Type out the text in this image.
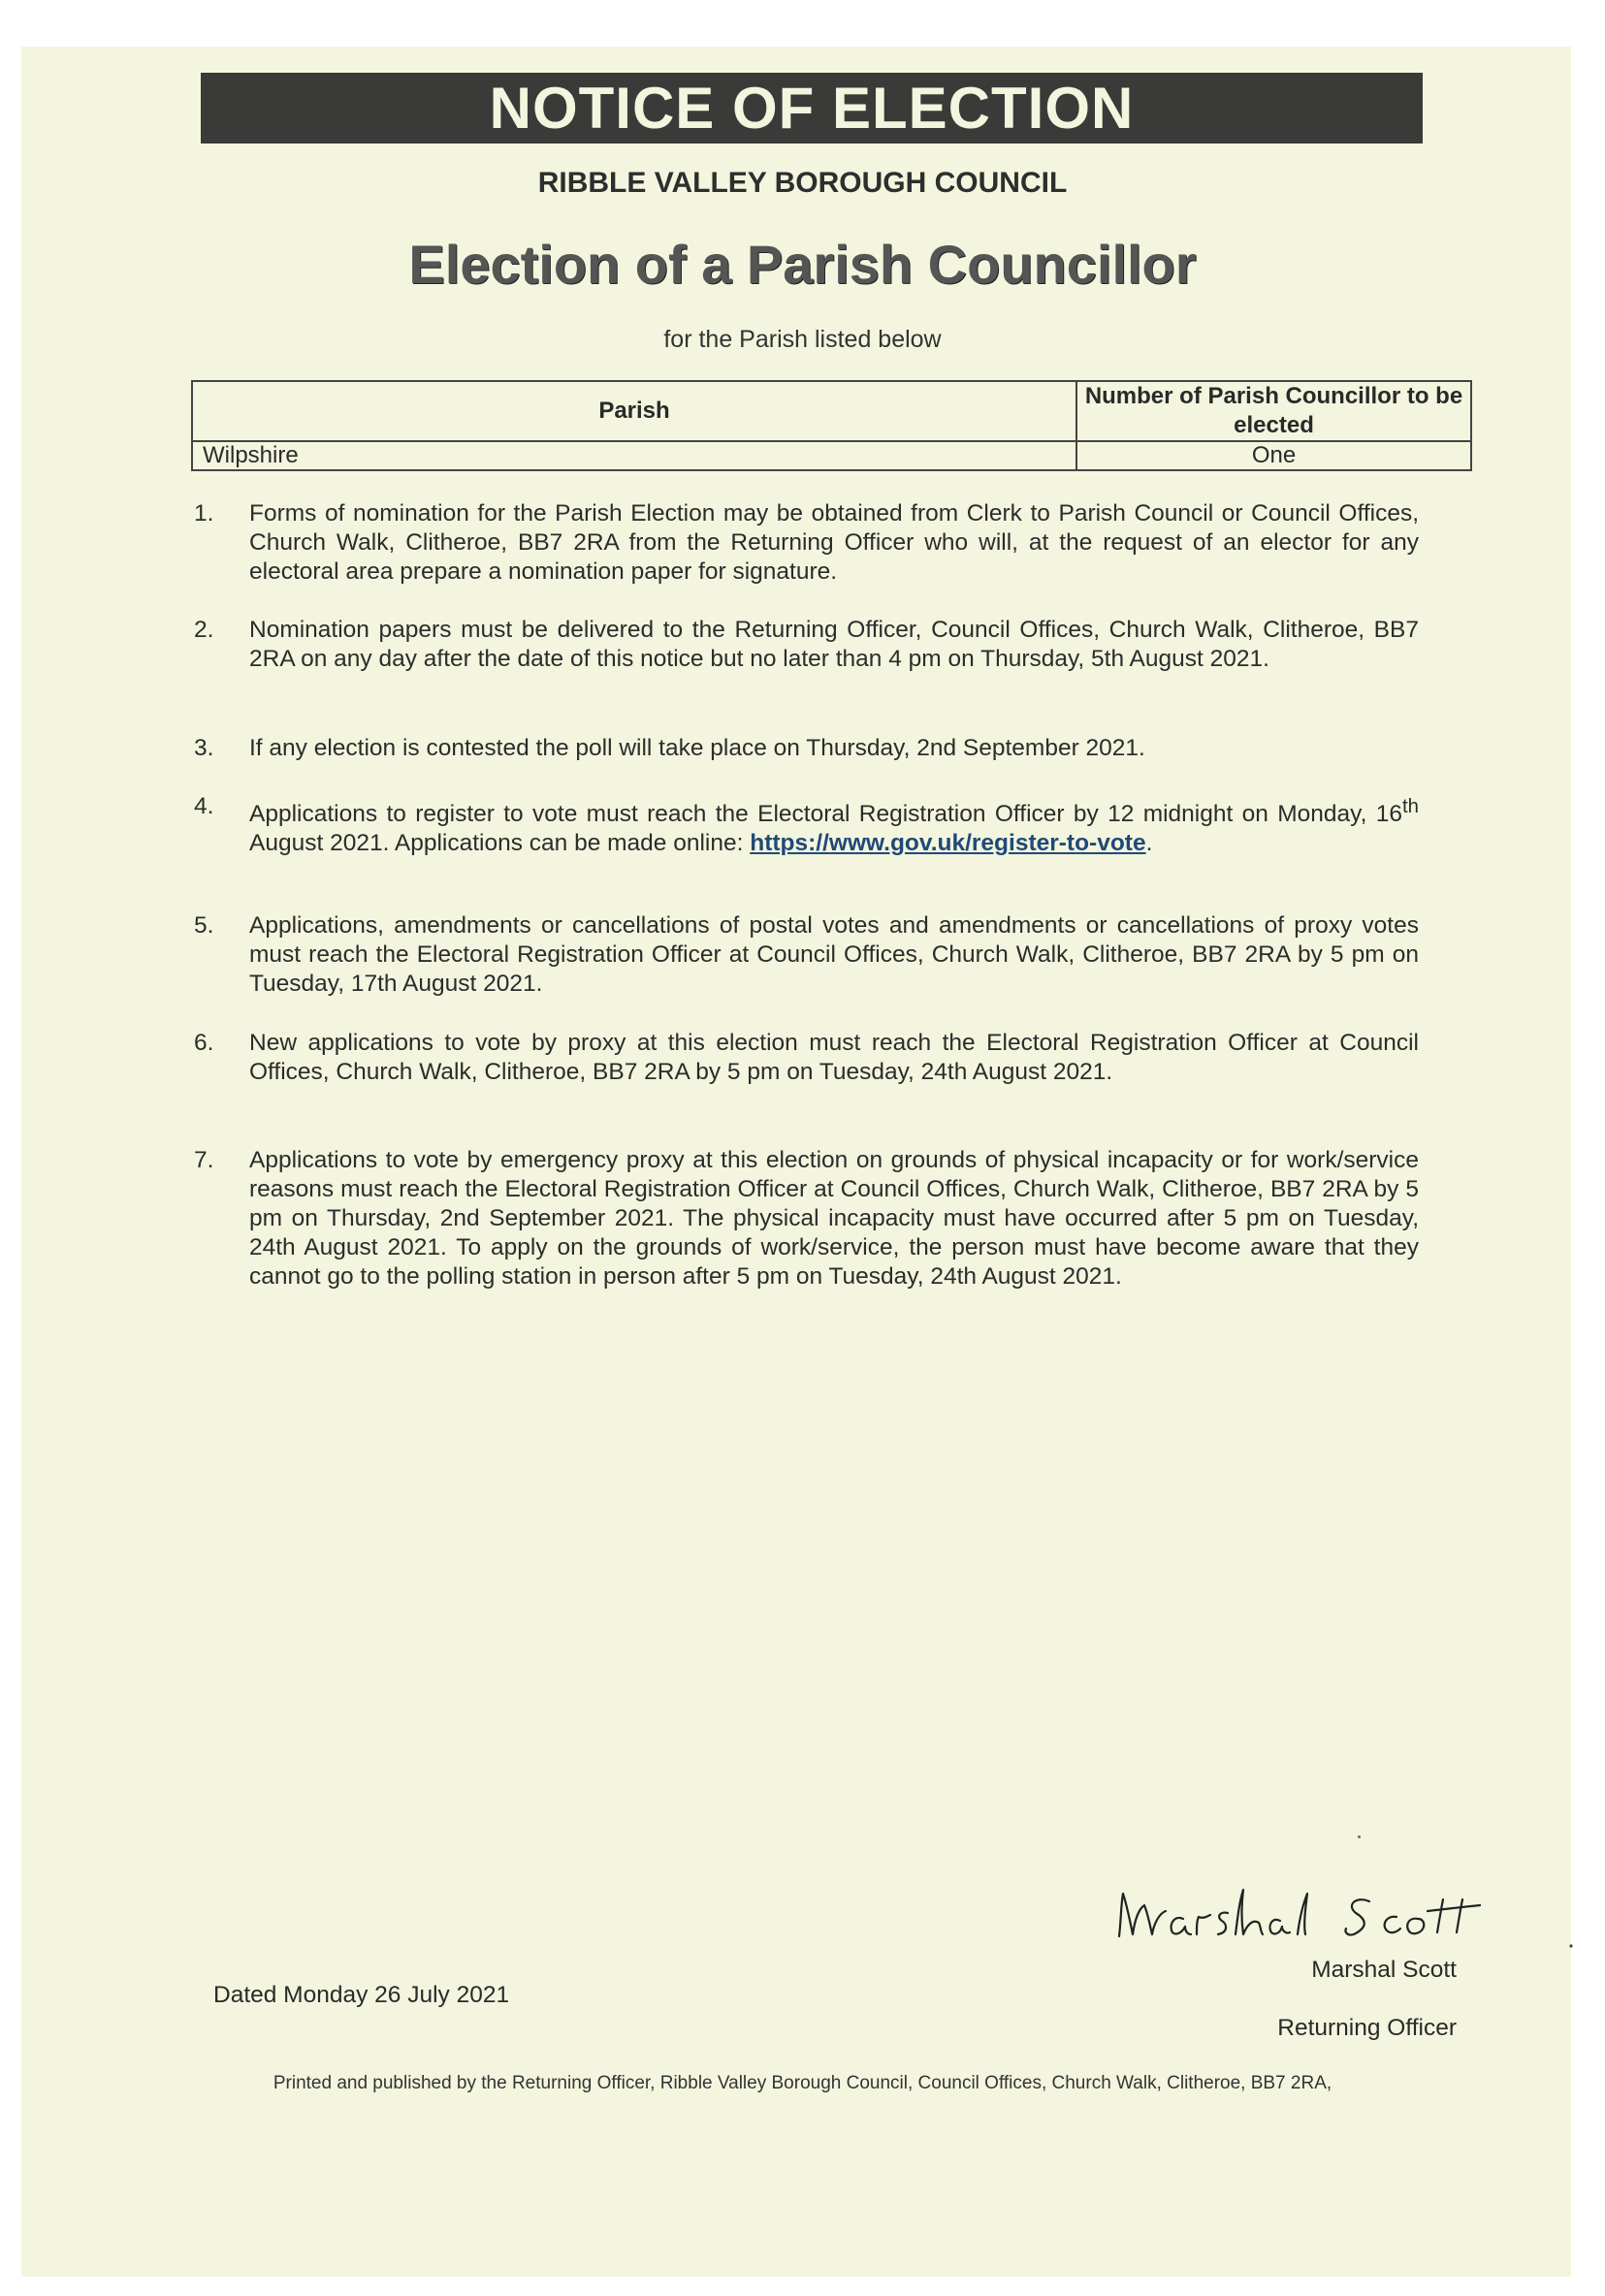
NOTICE OF ELECTION
RIBBLE VALLEY BOROUGH COUNCIL
Election of a Parish Councillor
for the Parish listed below
Parish	Number of Parish Councillor to be elected
Wilpshire	One
1. Forms of nomination for the Parish Election may be obtained from Clerk to Parish Council or Council Offices, Church Walk, Clitheroe, BB7 2RA from the Returning Officer who will, at the request of an elector for any electoral area prepare a nomination paper for signature.
2. Nomination papers must be delivered to the Returning Officer, Council Offices, Church Walk, Clitheroe, BB7 2RA on any day after the date of this notice but no later than 4 pm on Thursday, 5th August 2021.
3. If any election is contested the poll will take place on Thursday, 2nd September 2021.
4. Applications to register to vote must reach the Electoral Registration Officer by 12 midnight on Monday, 16th August 2021. Applications can be made online: https://www.gov.uk/register-to-vote.
5. Applications, amendments or cancellations of postal votes and amendments or cancellations of proxy votes must reach the Electoral Registration Officer at Council Offices, Church Walk, Clitheroe, BB7 2RA by 5 pm on Tuesday, 17th August 2021.
6. New applications to vote by proxy at this election must reach the Electoral Registration Officer at Council Offices, Church Walk, Clitheroe, BB7 2RA by 5 pm on Tuesday, 24th August 2021.
7. Applications to vote by emergency proxy at this election on grounds of physical incapacity or for work/service reasons must reach the Electoral Registration Officer at Council Offices, Church Walk, Clitheroe, BB7 2RA by 5 pm on Thursday, 2nd September 2021. The physical incapacity must have occurred after 5 pm on Tuesday, 24th August 2021. To apply on the grounds of work/service, the person must have become aware that they cannot go to the polling station in person after 5 pm on Tuesday, 24th August 2021.
Marshal Scott
Returning Officer
Dated Monday 26 July 2021
Printed and published by the Returning Officer, Ribble Valley Borough Council, Council Offices, Church Walk, Clitheroe, BB7 2RA,
